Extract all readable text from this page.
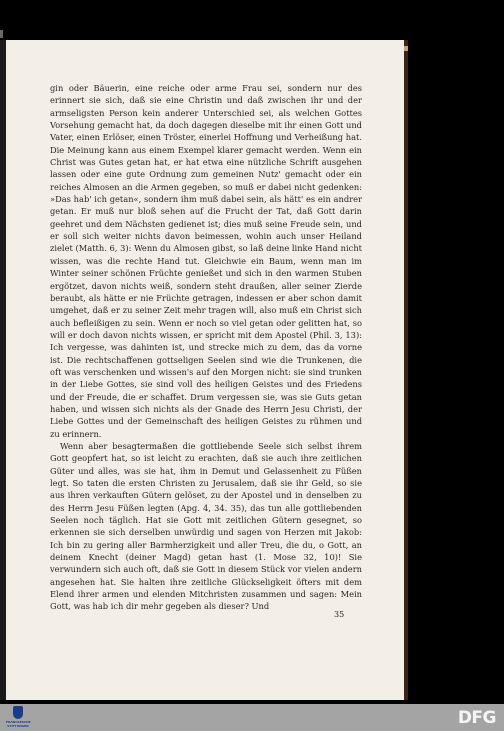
gin oder Bäuerin, eine reiche oder arme Frau sei, sondern nur des erinnert sie sich, daß sie eine Christin und daß zwischen ihr und der armseligsten Person kein anderer Unterschied sei, als welchen Gottes Vorsehung gemacht hat, da doch dagegen dieselbe mit ihr einen Gott und Vater, einen Erlöser, einen Tröster, einerlei Hoffnung und Verheißung hat. Die Meinung kann aus einem Exempel klarer gemacht werden. Wenn ein Christ was Gutes getan hat, er hat etwa eine nützliche Schrift ausgehen lassen oder eine gute Ordnung zum gemeinen Nutz' gemacht oder ein reiches Almosen an die Armen gegeben, so muß er dabei nicht gedenken: »Das hab' ich getan«, sondern ihm muß dabei sein, als hätt' es ein andrer getan. Er muß nur bloß sehen auf die Frucht der Tat, daß Gott darin geehret und dem Nächsten gedienet ist; dies muß seine Freude sein, und er soll sich weiter nichts davon beimessen, wohin auch unser Heiland zielet (Matth. 6, 3): Wenn du Almosen gibst, so laß deine linke Hand nicht wissen, was die rechte Hand tut. Gleichwie ein Baum, wenn man im Winter seiner schönen Früchte genießet und sich in den warmen Stuben ergötzet, davon nichts weiß, sondern steht draußen, aller seiner Zierde beraubt, als hätte er nie Früchte getragen, indessen er aber schon damit umgehet, daß er zu seiner Zeit mehr tragen will, also muß ein Christ sich auch befleißigen zu sein. Wenn er noch so viel getan oder gelitten hat, so will er doch davon nichts wissen, er spricht mit dem Apostel (Phil. 3, 13): Ich vergesse, was dahinten ist, und strecke mich zu dem, das da vorne ist. Die rechtschaffenen gottseligen Seelen sind wie die Trunkenen, die oft was verschenken und wissen's auf den Morgen nicht: sie sind trunken in der Liebe Gottes, sie sind voll des heiligen Geistes und des Friedens und der Freude, die er schaffet. Drum vergessen sie, was sie Guts getan haben, und wissen sich nichts als der Gnade des Herrn Jesu Christi, der Liebe Gottes und der Gemeinschaft des heiligen Geistes zu rühmen und zu erinnern.

Wenn aber besagtermaßen die gottliebende Seele sich selbst ihrem Gott geopfert hat, so ist leicht zu erachten, daß sie auch ihre zeitlichen Güter und alles, was sie hat, ihm in Demut und Gelassenheit zu Füßen legt. So taten die ersten Christen zu Jerusalem, daß sie ihr Geld, so sie aus ihren verkauften Gütern gelöset, zu der Apostel und in denselben zu des Herrn Jesu Füßen legten (Apg. 4, 34. 35), das tun alle gottliebenden Seelen noch täglich. Hat sie Gott mit zeitlichen Gütern gesegnet, so erkennen sie sich derselben unwürdig und sagen von Herzen mit Jakob: Ich bin zu gering aller Barmherzigkeit und aller Treu, die du, o Gott, an deinem Knecht (deiner Magd) getan hast (1. Mose 32, 10)! Sie verwundern sich auch oft, daß sie Gott in diesem Stück vor vielen andern angesehen hat. Sie halten ihre zeitliche Glückseligkeit öfters mit dem Elend ihrer armen und elenden Mitchristen zusammen und sagen: Mein Gott, was hab ich dir mehr gegeben als dieser? Und

35
FRANCKESCHE STIFTUNGEN	DFG
